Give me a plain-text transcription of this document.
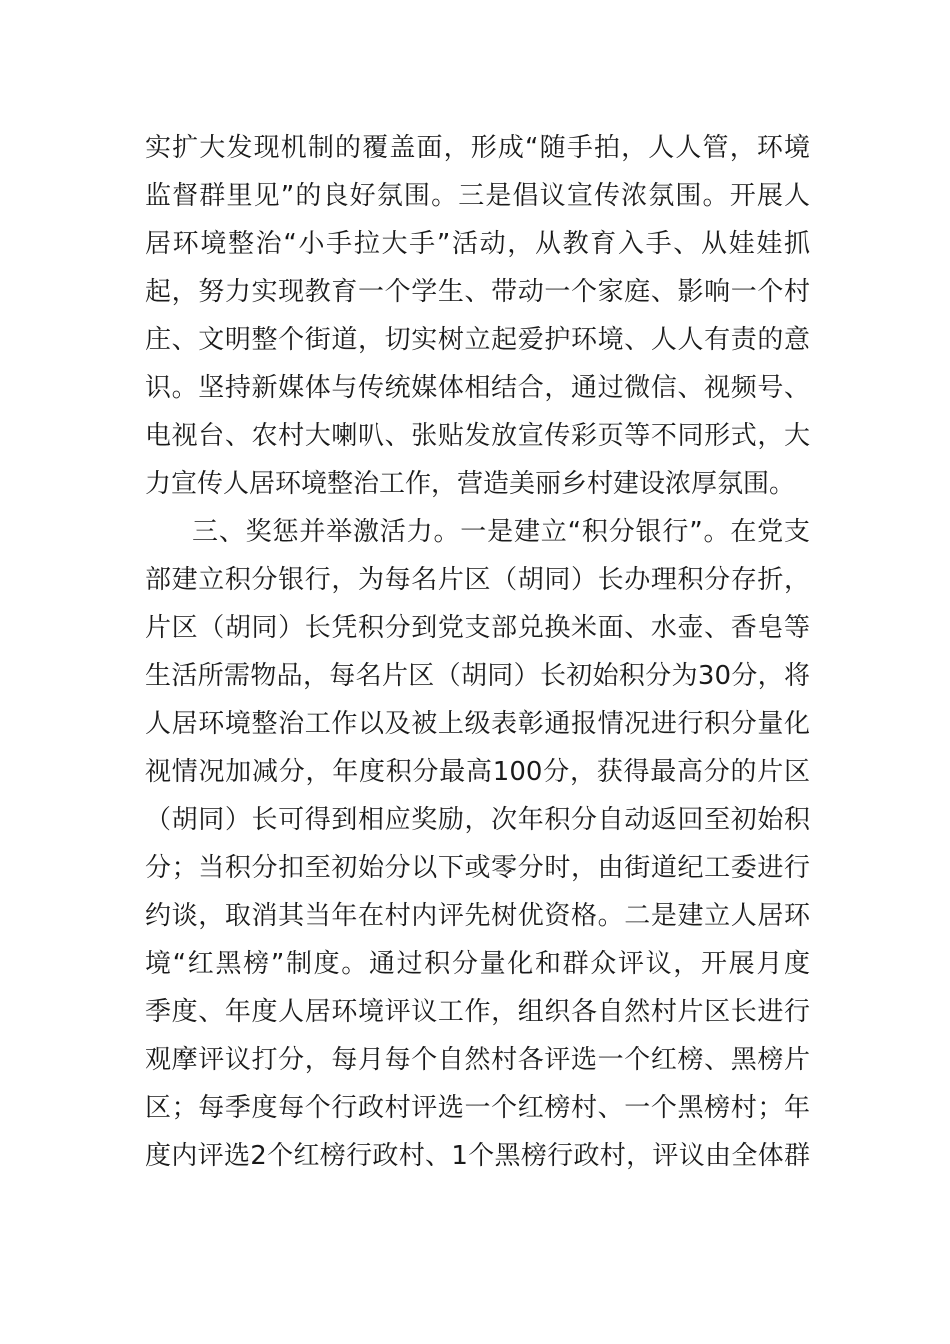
实扩大发现机制的覆盖面，形成“随手拍，人人管，环境
监督群里见”的良好氛围。三是倡议宣传浓氛围。开展人
居环境整治“小手拉大手”活动，从教育入手、从娃娃抓
起，努力实现教育一个学生、带动一个家庭、影响一个村
庄、文明整个街道，切实树立起爱护环境、人人有责的意
识。坚持新媒体与传统媒体相结合，通过微信、视频号、
电视台、农村大喇叭、张贴发放宣传彩页等不同形式，大
力宣传人居环境整治工作，营造美丽乡村建设浓厚氛围。
三、奖惩并举激活力。一是建立“积分银行”。在党支
部建立积分银行，为每名片区（胡同）长办理积分存折，
片区（胡同）长凭积分到党支部兑换米面、水壶、香皂等
生活所需物品，每名片区（胡同）长初始积分为30分，将
人居环境整治工作以及被上级表彰通报情况进行积分量化
视情况加减分，年度积分最高100分，获得最高分的片区
（胡同）长可得到相应奖励，次年积分自动返回至初始积
分；当积分扣至初始分以下或零分时，由街道纪工委进行
约谈，取消其当年在村内评先树优资格。二是建立人居环
境“红黑榜”制度。通过积分量化和群众评议，开展月度
季度、年度人居环境评议工作，组织各自然村片区长进行
观摩评议打分，每月每个自然村各评选一个红榜、黑榜片
区；每季度每个行政村评选一个红榜村、一个黑榜村；年
度内评选2个红榜行政村、1个黑榜行政村，评议由全体群
